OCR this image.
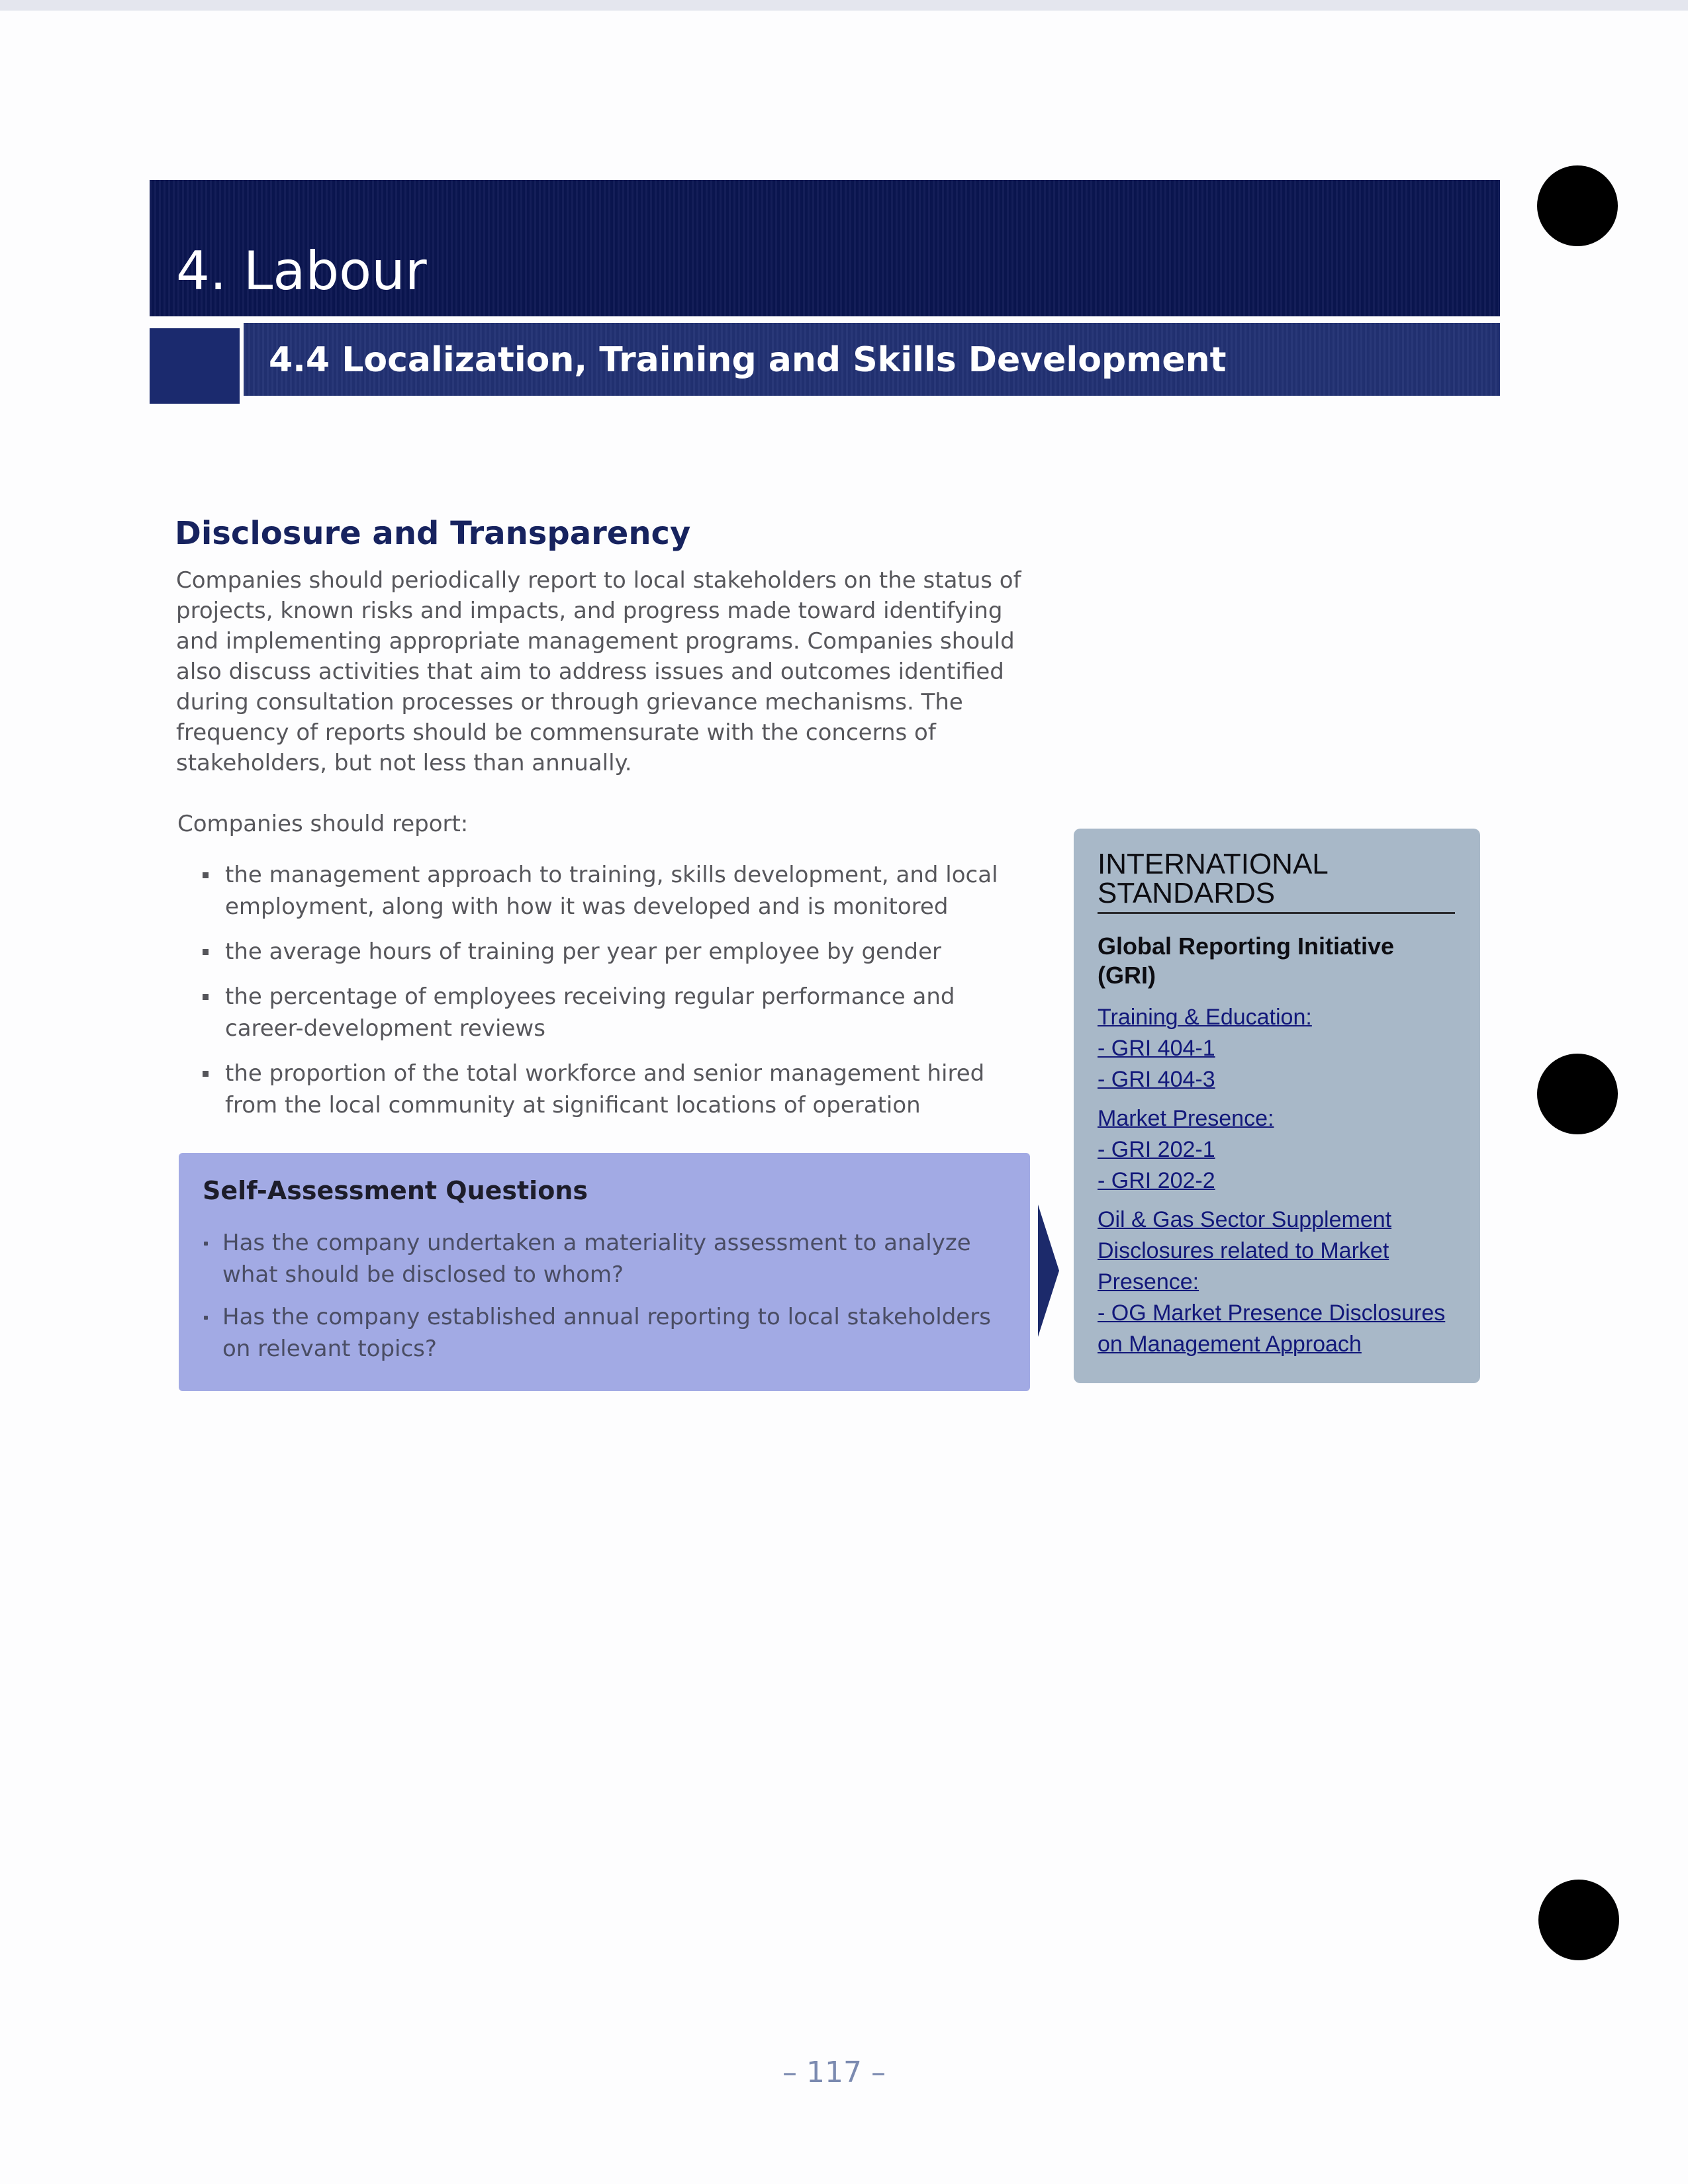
4. Labour
4.4 Localization, Training and Skills Development
Disclosure and Transparency

Companies should periodically report to local stakeholders on the status of projects, known risks and impacts, and progress made toward identifying and implementing appropriate management programs. Companies should also discuss activities that aim to address issues and outcomes identified during consultation processes or through grievance mechanisms. The frequency of reports should be commensurate with the concerns of stakeholders, but not less than annually.

Companies should report:

the management approach to training, skills development, and local employment, along with how it was developed and is monitored
the average hours of training per year per employee by gender
the percentage of employees receiving regular performance and career-development reviews
the proportion of the total workforce and senior management hired from the local community at significant locations of operation
Self-Assessment Questions
Has the company undertaken a materiality assessment to analyze what should be disclosed to whom?
Has the company established annual reporting to local stakeholders on relevant topics?
INTERNATIONAL STANDARDS

Global Reporting Initiative (GRI)

Training & Education:
- GRI 404-1
- GRI 404-3
Market Presence:
- GRI 202-1
- GRI 202-2
Oil & Gas Sector Supplement Disclosures related to Market Presence:
- OG Market Presence Disclosures on Management Approach
– 117 –
